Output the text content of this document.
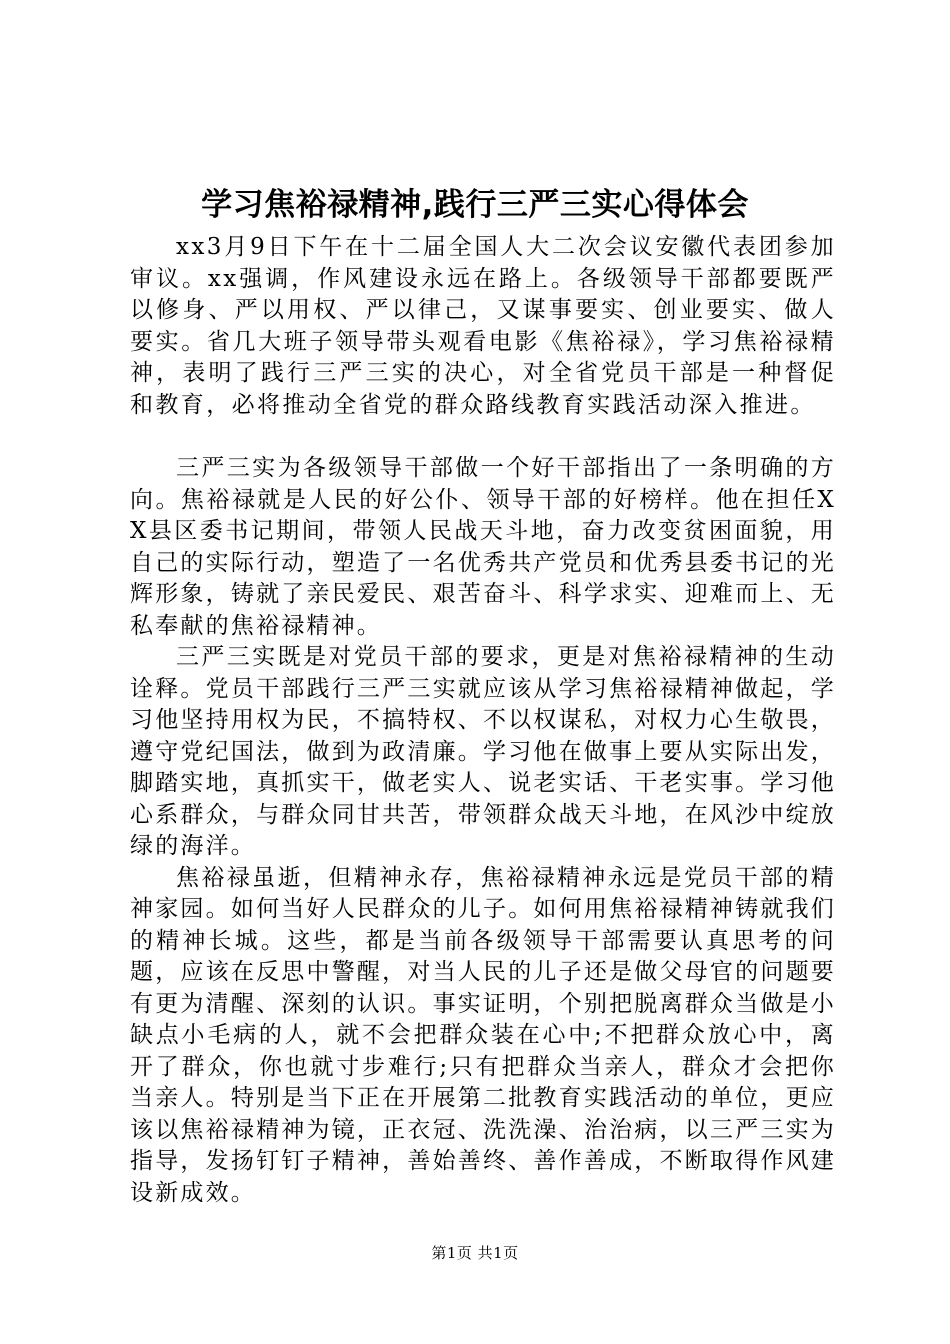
学习焦裕禄精神,践行三严三实心得体会

xx3月9日下午在十二届全国人大二次会议安徽代表团参加审议。xx强调，作风建设永远在路上。各级领导干部都要既严以修身、严以用权、严以律己，又谋事要实、创业要实、做人要实。省几大班子领导带头观看电影《焦裕禄》，学习焦裕禄精神，表明了践行三严三实的决心，对全省党员干部是一种督促和教育，必将推动全省党的群众路线教育实践活动深入推进。

三严三实为各级领导干部做一个好干部指出了一条明确的方向。焦裕禄就是人民的好公仆、领导干部的好榜样。他在担任XX县区委书记期间，带领人民战天斗地，奋力改变贫困面貌，用自己的实际行动，塑造了一名优秀共产党员和优秀县委书记的光辉形象，铸就了亲民爱民、艰苦奋斗、科学求实、迎难而上、无私奉献的焦裕禄精神。

三严三实既是对党员干部的要求，更是对焦裕禄精神的生动诠释。党员干部践行三严三实就应该从学习焦裕禄精神做起，学习他坚持用权为民，不搞特权、不以权谋私，对权力心生敬畏，遵守党纪国法，做到为政清廉。学习他在做事上要从实际出发，脚踏实地，真抓实干，做老实人、说老实话、干老实事。学习他心系群众，与群众同甘共苦，带领群众战天斗地，在风沙中绽放绿的海洋。

焦裕禄虽逝，但精神永存，焦裕禄精神永远是党员干部的精神家园。如何当好人民群众的儿子。如何用焦裕禄精神铸就我们的精神长城。这些，都是当前各级领导干部需要认真思考的问题，应该在反思中警醒，对当人民的儿子还是做父母官的问题要有更为清醒、深刻的认识。事实证明，个别把脱离群众当做是小缺点小毛病的人，就不会把群众装在心中;不把群众放心中，离开了群众，你也就寸步难行;只有把群众当亲人，群众才会把你当亲人。特别是当下正在开展第二批教育实践活动的单位，更应该以焦裕禄精神为镜，正衣冠、洗洗澡、治治病，以三严三实为指导，发扬钉钉子精神，善始善终、善作善成，不断取得作风建设新成效。

第1页 共1页
